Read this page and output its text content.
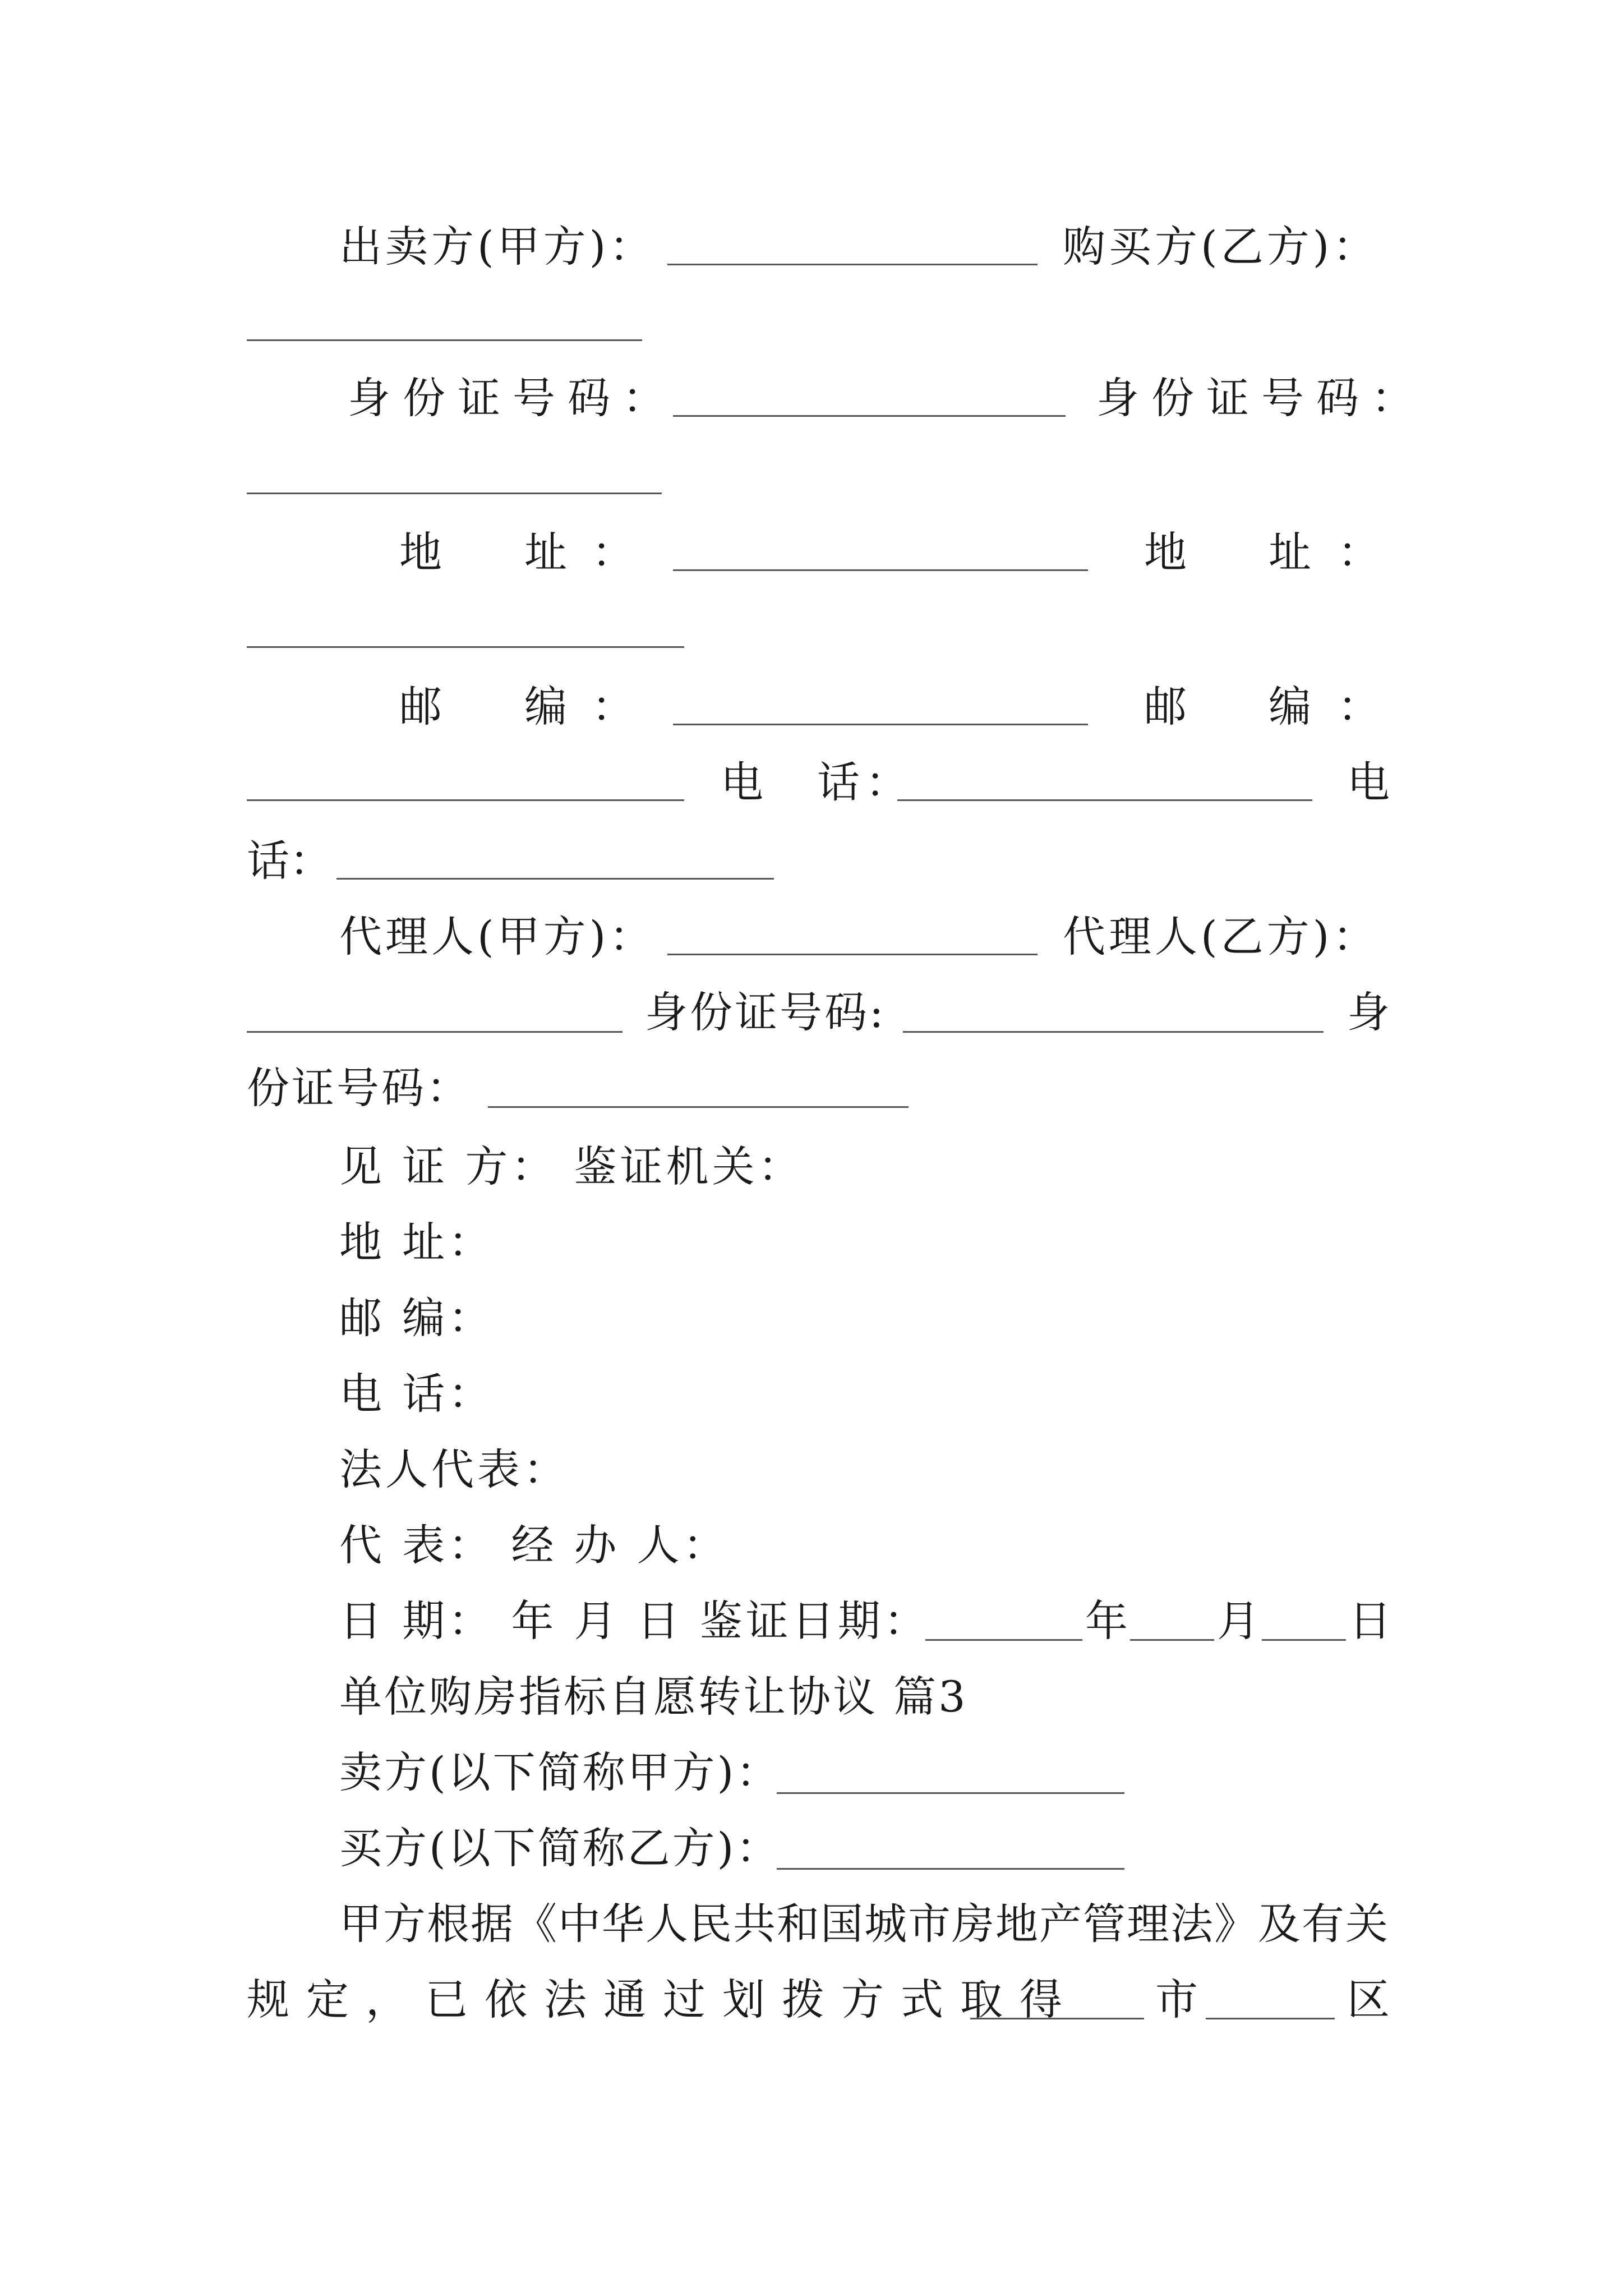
出卖方(甲方)：	购买方(乙方)：
身份证号码：	身份证号码：
地 址 ：	地 址 ：
邮 编 ：	邮 编 ：
电　话：	电
话：
代理人(甲方)：	代理人(乙方)：
身份证号码:	身
份证号码：
见 证 方： 鉴证机关：
地 址：
邮 编：
电 话：
法人代表：
代 表： 经 办 人：
日 期： 年 月 日 鉴证日期：	年 月 日
单位购房指标自愿转让协议 篇3
卖方(以下简称甲方)：
买方(以下简称乙方)：
甲方根据《中华人民共和国城市房地产管理法》及有关
规定，已依法通过划拨方式取得 市	区
